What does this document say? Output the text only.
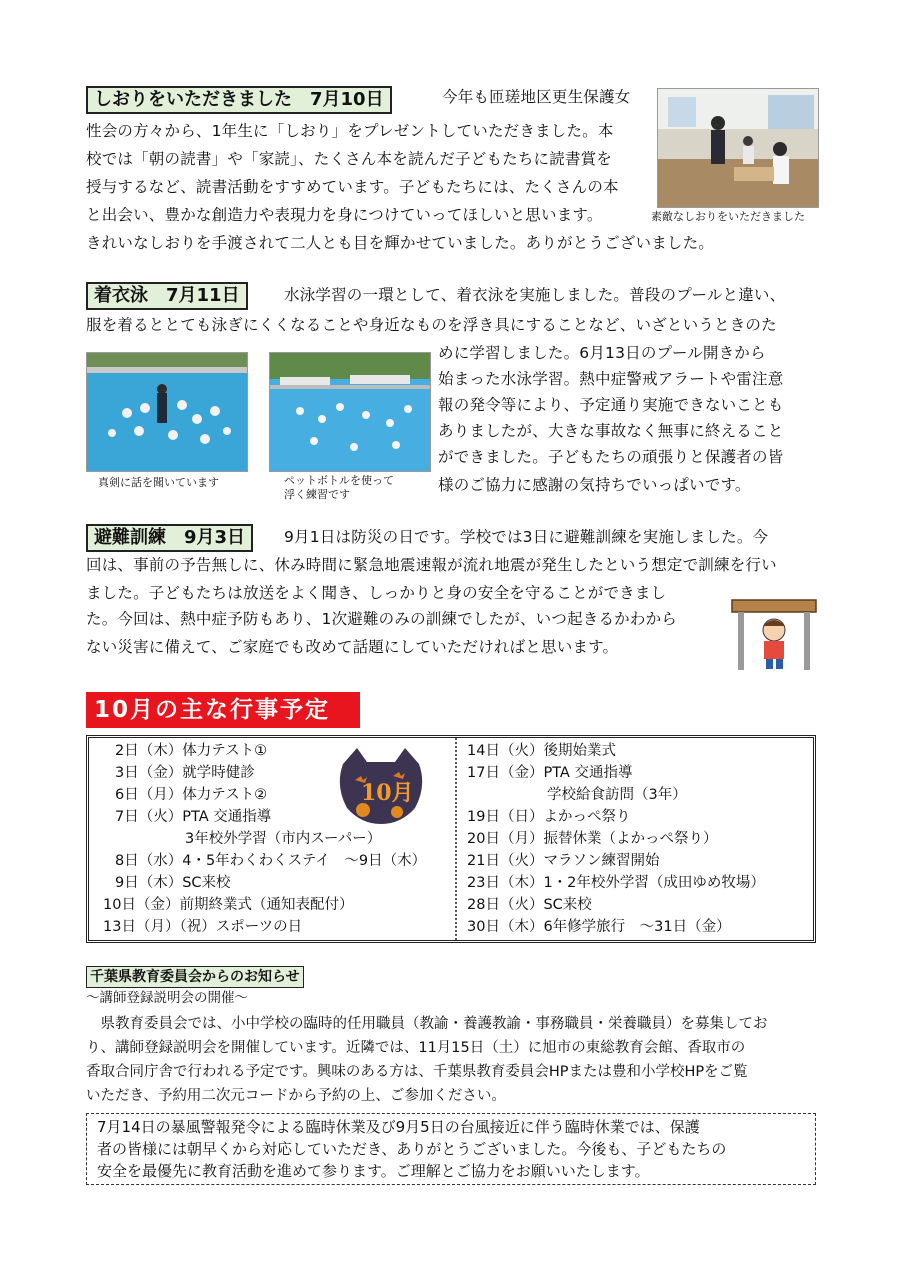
しおりをいただきました　7月10日	今年も匝瑳地区更生保護女
性会の方々から、1年生に「しおり」をプレゼントしていただきました。本
校では「朝の読書」や「家読」、たくさん本を読んだ子どもたちに読書賞を
授与するなど、読書活動をすすめています。子どもたちには、たくさんの本
と出会い、豊かな創造力や表現力を身につけていってほしいと思います。
きれいなしおりを手渡されて二人とも目を輝かせていました。ありがとうございました。
素敵なしおりをいただきました
着衣泳　7月11日	水泳学習の一環として、着衣泳を実施しました。普段のプールと違い、
服を着るととても泳ぎにくくなることや身近なものを浮き具にすることなど、いざというときのた
めに学習しました。6月13日のプール開きから
始まった水泳学習。熱中症警戒アラートや雷注意
報の発令等により、予定通り実施できないことも
ありましたが、大きな事故なく無事に終えること
ができました。子どもたちの頑張りと保護者の皆
様のご協力に感謝の気持ちでいっぱいです。
真剣に話を聞いています	ペットボトルを使って
浮く練習です
避難訓練　9月3日	9月1日は防災の日です。学校では3日に避難訓練を実施しました。今
回は、事前の予告無しに、休み時間に緊急地震速報が流れ地震が発生したという想定で訓練を行い
ました。子どもたちは放送をよく聞き、しっかりと身の安全を守ることができまし
た。今回は、熱中症予防もあり、1次避難のみの訓練でしたが、いつ起きるかわから
ない災害に備えて、ご家庭でも改めて話題にしていただければと思います。
10月の主な行事予定
2日（木）体力テスト①
3日（金）就学時健診
6日（月）体力テスト②
7日（火）PTA 交通指導
3年校外学習（市内スーパー）
8日（水）4・5年わくわくステイ　～9日（木）
9日（木）SC来校
10日（金）前期終業式（通知表配付）
13日（月）（祝）スポーツの日
10月
14日（火）後期始業式
17日（金）PTA 交通指導
学校給食訪問（3年）
19日（日）よかっぺ祭り
20日（月）振替休業（よかっぺ祭り）
21日（火）マラソン練習開始
23日（木）1・2年校外学習（成田ゆめ牧場）
28日（火）SC来校
30日（木）6年修学旅行　～31日（金）
千葉県教育委員会からのお知らせ
～講師登録説明会の開催～
　県教育委員会では、小中学校の臨時的任用職員（教諭・養護教諭・事務職員・栄養職員）を募集してお
り、講師登録説明会を開催しています。近隣では、11月15日（土）に旭市の東総教育会館、香取市の
香取合同庁舎で行われる予定です。興味のある方は、千葉県教育委員会HPまたは豊和小学校HPをご覧
いただき、予約用二次元コードから予約の上、ご参加ください。
7月14日の暴風警報発令による臨時休業及び9月5日の台風接近に伴う臨時休業では、保護
者の皆様には朝早くから対応していただき、ありがとうございました。今後も、子どもたちの
安全を最優先に教育活動を進めて参ります。ご理解とご協力をお願いいたします。
